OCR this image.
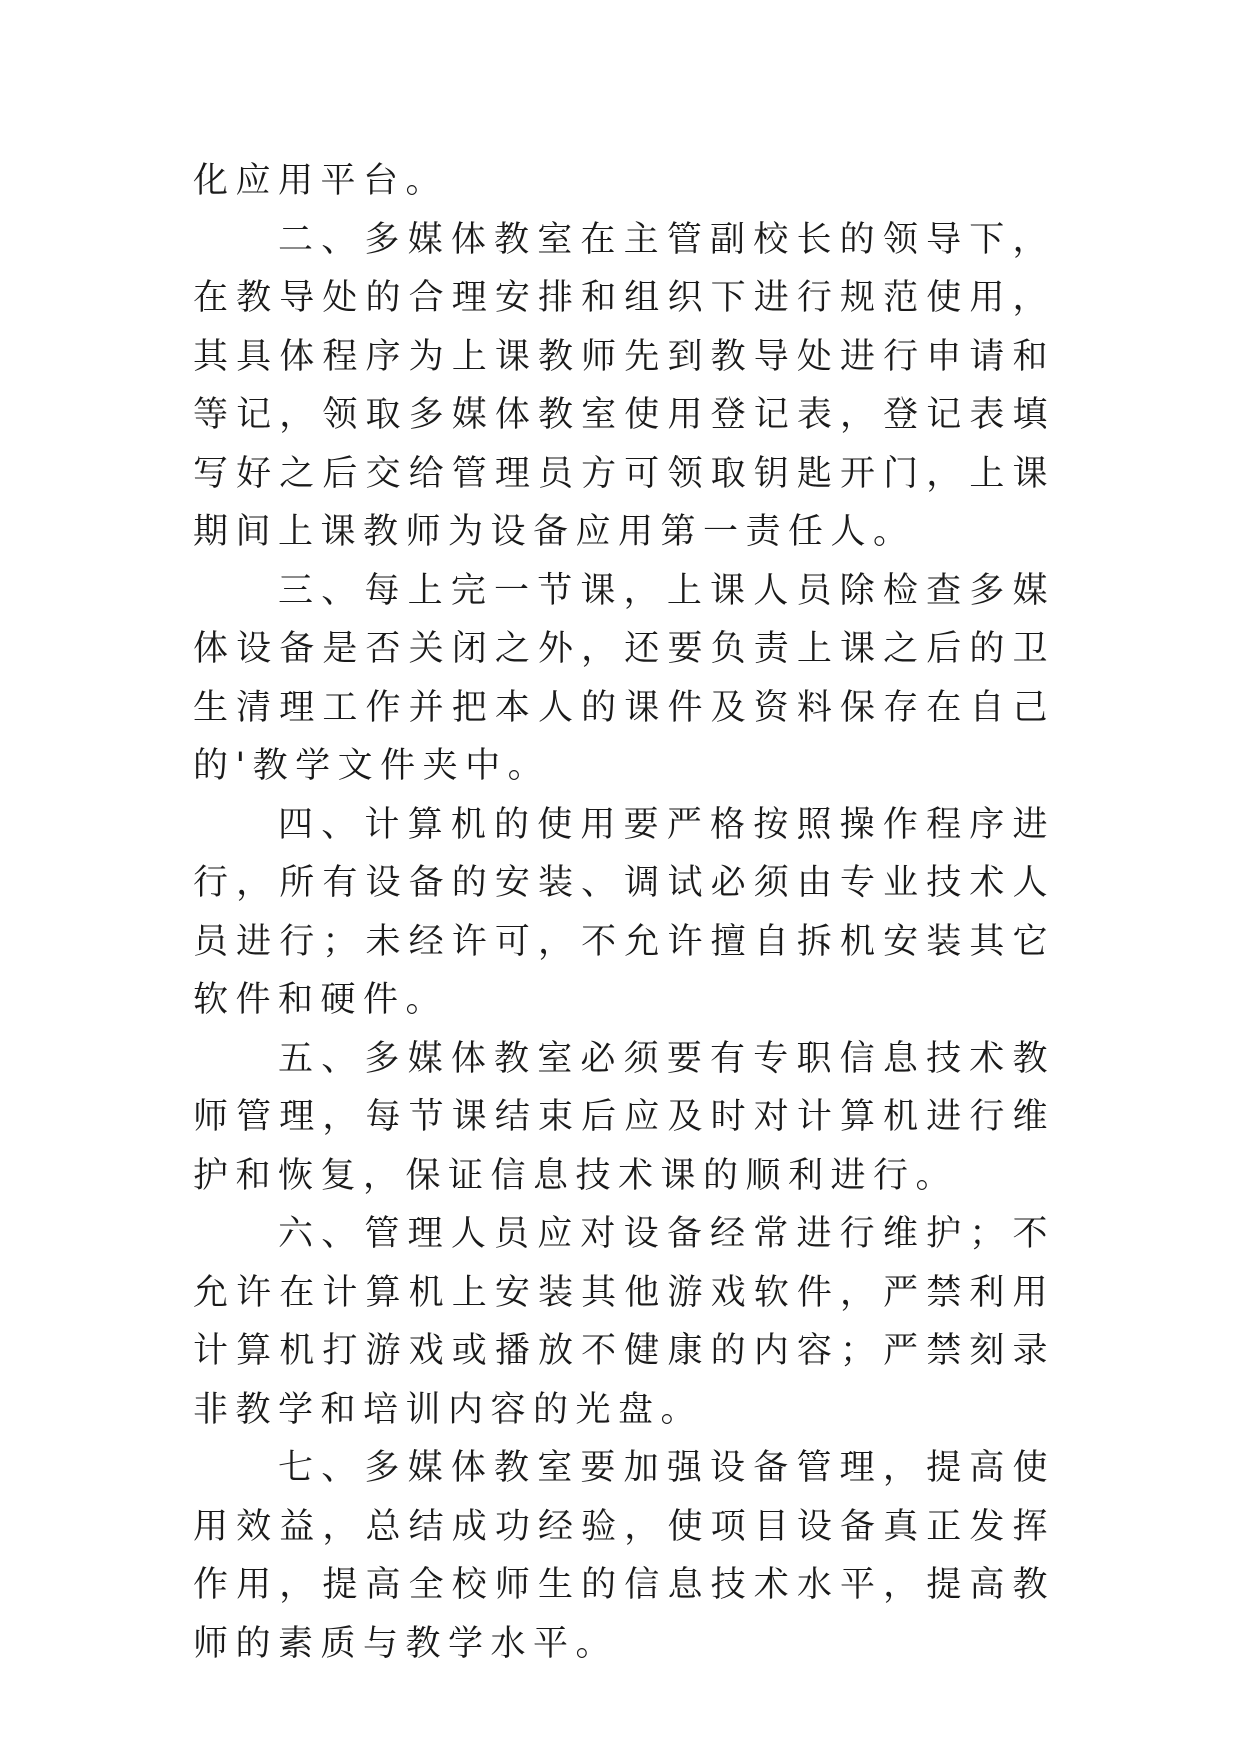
化应用平台。

二、多媒体教室在主管副校长的领导下，在教导处的合理安排和组织下进行规范使用，其具体程序为上课教师先到教导处进行申请和等记，领取多媒体教室使用登记表，登记表填写好之后交给管理员方可领取钥匙开门，上课期间上课教师为设备应用第一责任人。

三、每上完一节课，上课人员除检查多媒体设备是否关闭之外，还要负责上课之后的卫生清理工作并把本人的课件及资料保存在自己的'教学文件夹中。

四、计算机的使用要严格按照操作程序进行，所有设备的安装、调试必须由专业技术人员进行；未经许可，不允许擅自拆机安装其它软件和硬件。

五、多媒体教室必须要有专职信息技术教师管理，每节课结束后应及时对计算机进行维护和恢复，保证信息技术课的顺利进行。

六、管理人员应对设备经常进行维护；不允许在计算机上安装其他游戏软件，严禁利用计算机打游戏或播放不健康的内容；严禁刻录非教学和培训内容的光盘。

七、多媒体教室要加强设备管理，提高使用效益，总结成功经验，使项目设备真正发挥作用，提高全校师生的信息技术水平，提高教师的素质与教学水平。
